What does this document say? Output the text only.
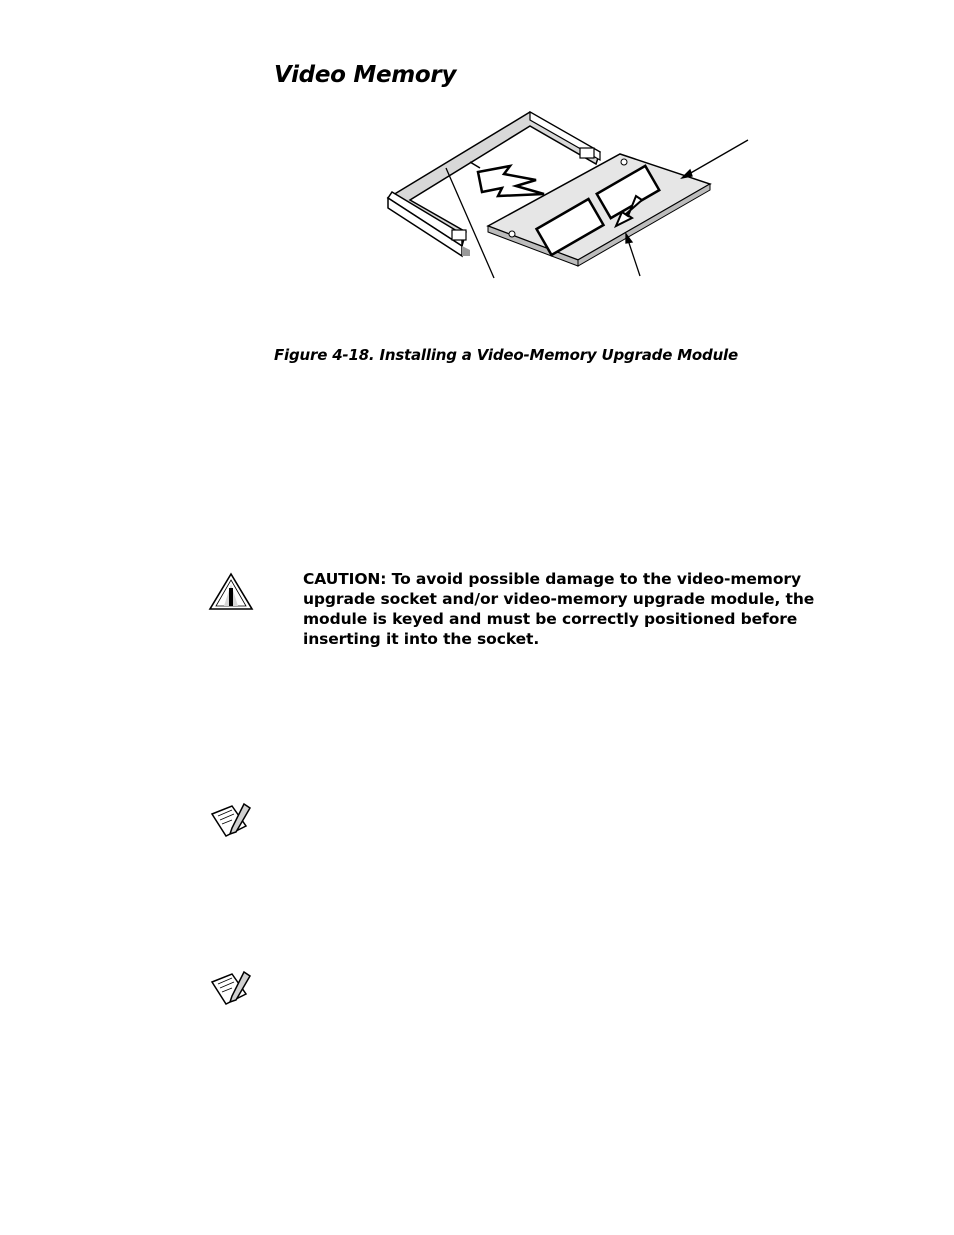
Video Memory
Figure 4-18. Installing a Video-Memory Upgrade Module
CAUTION: To avoid possible damage to the video-memory upgrade socket and/or video-memory upgrade module, the module is keyed and must be correctly positioned before inserting it into the socket.
